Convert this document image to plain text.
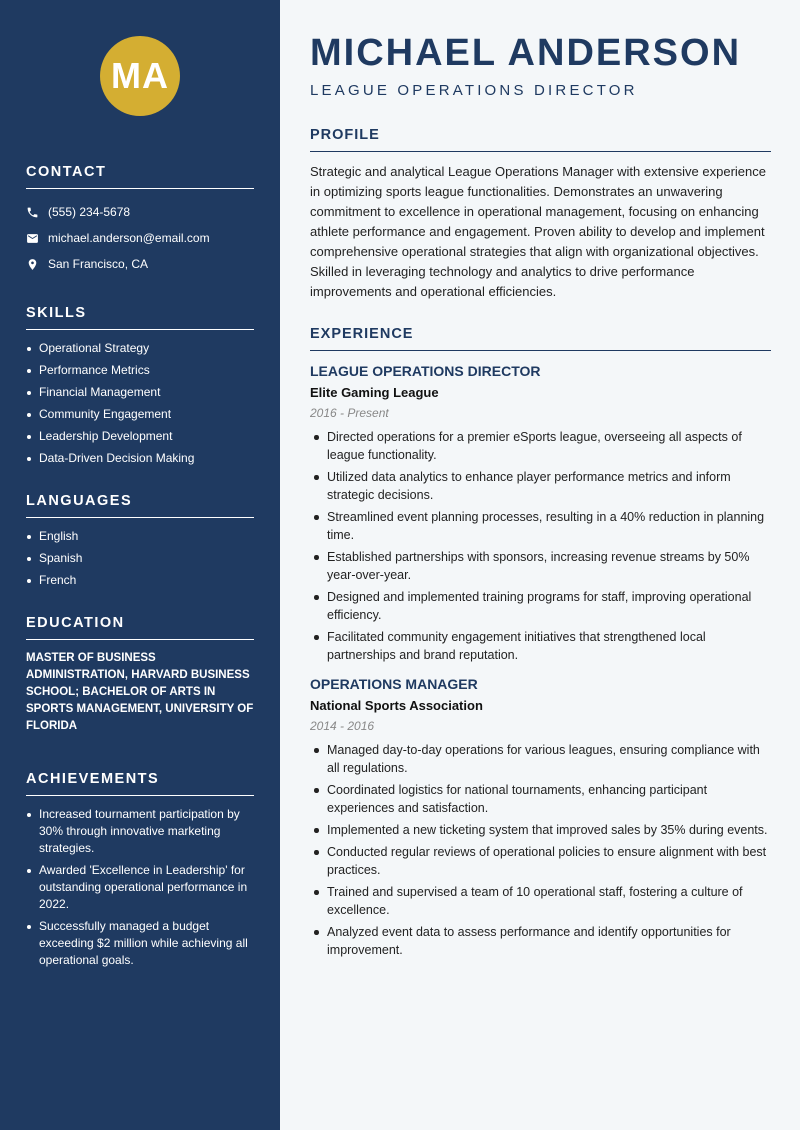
MA
CONTACT
(555) 234-5678
michael.anderson@email.com
San Francisco, CA
SKILLS
Operational Strategy
Performance Metrics
Financial Management
Community Engagement
Leadership Development
Data-Driven Decision Making
LANGUAGES
English
Spanish
French
EDUCATION
MASTER OF BUSINESS ADMINISTRATION, HARVARD BUSINESS SCHOOL; BACHELOR OF ARTS IN SPORTS MANAGEMENT, UNIVERSITY OF FLORIDA
ACHIEVEMENTS
Increased tournament participation by 30% through innovative marketing strategies.
Awarded 'Excellence in Leadership' for outstanding operational performance in 2022.
Successfully managed a budget exceeding $2 million while achieving all operational goals.
MICHAEL ANDERSON
LEAGUE OPERATIONS DIRECTOR
PROFILE
Strategic and analytical League Operations Manager with extensive experience in optimizing sports league functionalities. Demonstrates an unwavering commitment to excellence in operational management, focusing on enhancing athlete performance and engagement. Proven ability to develop and implement comprehensive operational strategies that align with organizational objectives. Skilled in leveraging technology and analytics to drive performance improvements and operational efficiencies.
EXPERIENCE
LEAGUE OPERATIONS DIRECTOR
Elite Gaming League
2016 - Present
Directed operations for a premier eSports league, overseeing all aspects of league functionality.
Utilized data analytics to enhance player performance metrics and inform strategic decisions.
Streamlined event planning processes, resulting in a 40% reduction in planning time.
Established partnerships with sponsors, increasing revenue streams by 50% year-over-year.
Designed and implemented training programs for staff, improving operational efficiency.
Facilitated community engagement initiatives that strengthened local partnerships and brand reputation.
OPERATIONS MANAGER
National Sports Association
2014 - 2016
Managed day-to-day operations for various leagues, ensuring compliance with all regulations.
Coordinated logistics for national tournaments, enhancing participant experiences and satisfaction.
Implemented a new ticketing system that improved sales by 35% during events.
Conducted regular reviews of operational policies to ensure alignment with best practices.
Trained and supervised a team of 10 operational staff, fostering a culture of excellence.
Analyzed event data to assess performance and identify opportunities for improvement.
